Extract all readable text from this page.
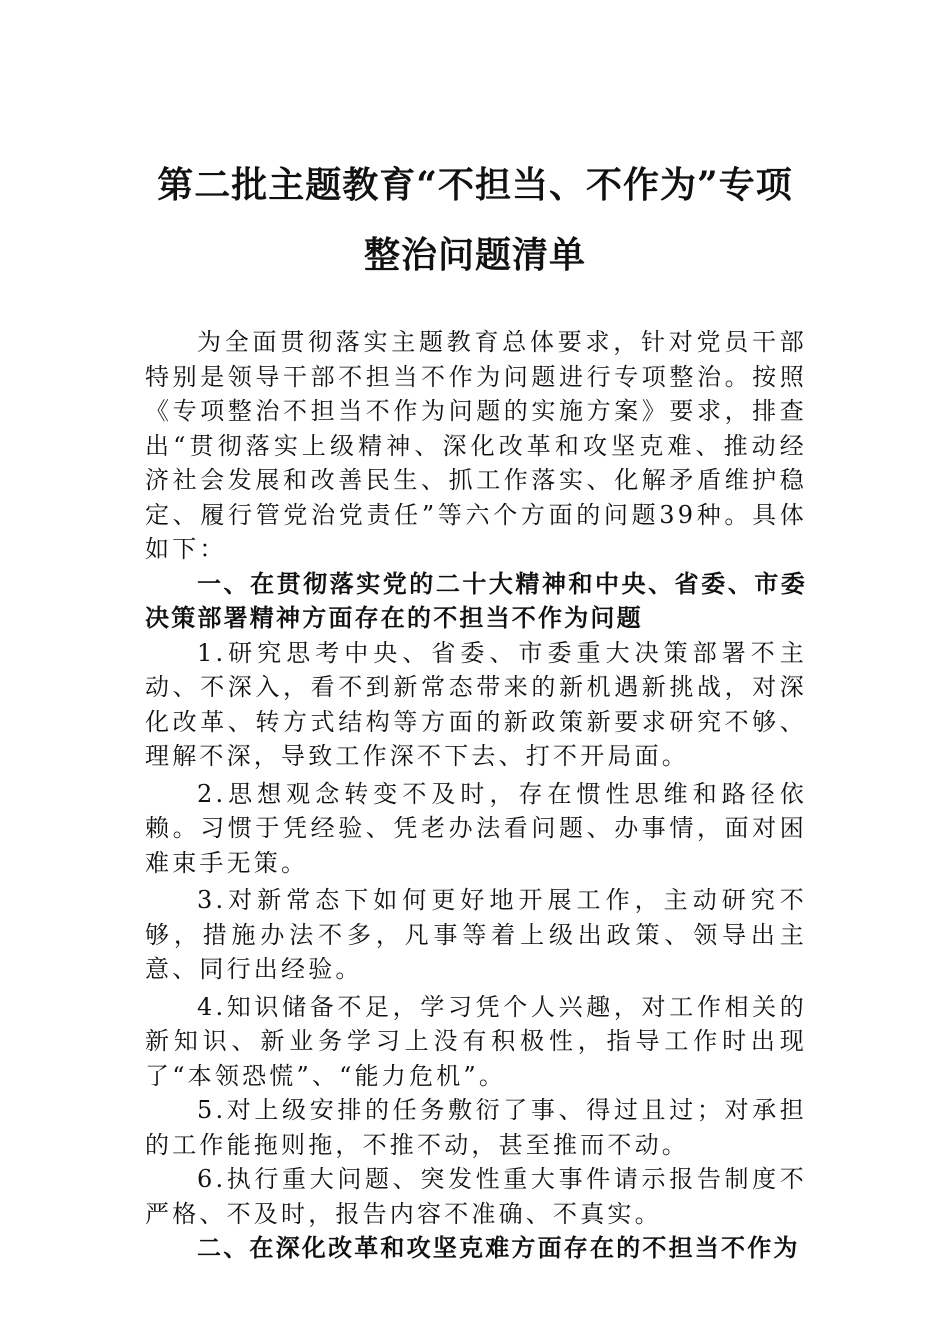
第二批主题教育“不担当、不作为”专项
整治问题清单

为全面贯彻落实主题教育总体要求，针对党员干部特别是领导干部不担当不作为问题进行专项整治。按照《专项整治不担当不作为问题的实施方案》要求，排查出“贯彻落实上级精神、深化改革和攻坚克难、推动经济社会发展和改善民生、抓工作落实、化解矛盾维护稳定、履行管党治党责任”等六个方面的问题39种。具体如下：

一、在贯彻落实党的二十大精神和中央、省委、市委决策部署精神方面存在的不担当不作为问题

1.研究思考中央、省委、市委重大决策部署不主动、不深入，看不到新常态带来的新机遇新挑战，对深化改革、转方式结构等方面的新政策新要求研究不够、理解不深，导致工作深不下去、打不开局面。

2.思想观念转变不及时，存在惯性思维和路径依赖。习惯于凭经验、凭老办法看问题、办事情，面对困难束手无策。

3.对新常态下如何更好地开展工作，主动研究不够，措施办法不多，凡事等着上级出政策、领导出主意、同行出经验。

4.知识储备不足，学习凭个人兴趣，对工作相关的新知识、新业务学习上没有积极性，指导工作时出现了“本领恐慌”、“能力危机”。

5.对上级安排的任务敷衍了事、得过且过；对承担的工作能拖则拖，不推不动，甚至推而不动。

6.执行重大问题、突发性重大事件请示报告制度不严格、不及时，报告内容不准确、不真实。

二、在深化改革和攻坚克难方面存在的不担当不作为
